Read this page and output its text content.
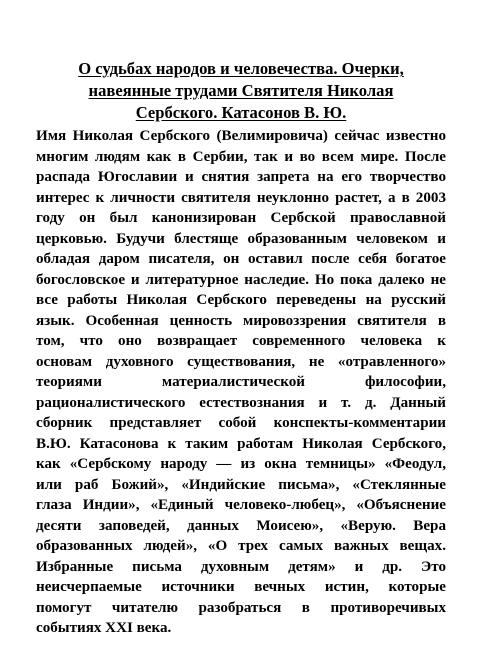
О судьбах народов и человечества. Очерки,
навеянные трудами Святителя Николая
Сербского. Катасонов В. Ю.
Имя Николая Сербского (Велимировича) сейчас известно
многим людям как в Сербии, так и во всем мире. После
распада Югославии и снятия запрета на его творчество
интерес к личности святителя неуклонно растет, а в 2003
году он был канонизирован Сербской православной
церковью. Будучи блестяще образованным человеком и
обладая даром писателя, он оставил после себя богатое
богословское и литературное наследие. Но пока далеко не
все работы Николая Сербского переведены на русский
язык. Особенная ценность мировоззрения святителя в
том, что оно возвращает современного человека к
основам духовного существования, не «отравленного»
теориями материалистической философии,
рационалистического естествознания и т. д. Данный
сборник представляет собой конспекты-комментарии
В.Ю. Катасонова к таким работам Николая Сербского,
как «Сербскому народу — из окна темницы» «Феодул,
или раб Божий», «Индийские письма», «Стеклянные
глаза Индии», «Единый человеко-любец», «Объяснение
десяти заповедей, данных Моисею», «Верую. Вера
образованных людей», «О трех самых важных вещах.
Избранные письма духовным детям» и др. Это
неисчерпаемые источники вечных истин, которые
помогут читателю разобраться в противоречивых
событиях XXI века.
